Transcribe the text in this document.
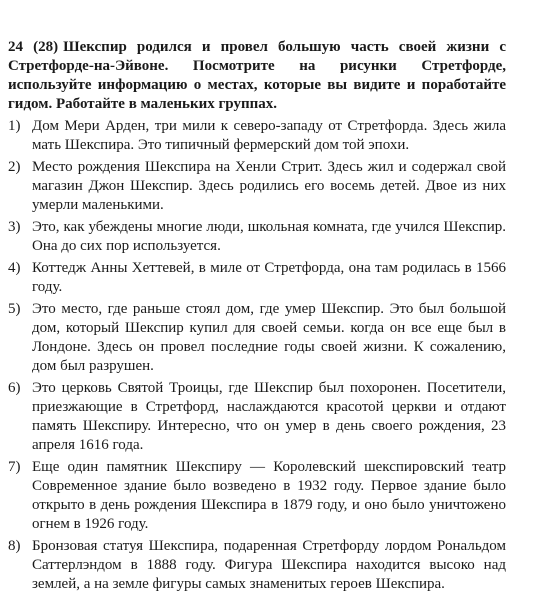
24 (28) Шекспир родился и провел большую часть своей жизни с Стретфорде-на-Эйвоне. Посмотрите на рисунки Стретфорде, используйте информацию о местах, которые вы видите и поработайте гидом. Работайте в маленьких группах.

1) Дом Мери Арден, три мили к северо-западу от Стретфорда. Здесь жила мать Шекспира. Это типичный фермерский дом той эпохи.
2) Место рождения Шекспира на Хенли Стрит. Здесь жил и содержал свой магазин Джон Шекспир. Здесь родились его восемь детей. Двое из них умерли маленькими.
3) Это, как убеждены многие люди, школьная комната, где учился Шекспир. Она до сих пор используется.
4) Коттедж Анны Хеттевей, в миле от Стретфорда, она там родилась в 1566 году.
5) Это место, где раньше стоял дом, где умер Шекспир. Это был большой дом, который Шекспир купил для своей семьи. когда он все еще был в Лондоне. Здесь он провел последние годы своей жизни. К сожалению, дом был разрушен.
6) Это церковь Святой Троицы, где Шекспир был похоронен. Посетители, приезжающие в Стретфорд, наслаждаются красотой церкви и отдают память Шекспиру. Интересно, что он умер в день своего рождения, 23 апреля 1616 года.
7) Еще один памятник Шекспиру — Королевский шекспировский театр Современное здание было возведено в 1932 году. Первое здание было открыто в день рождения Шекспира в 1879 году, и оно было уничтожено огнем в 1926 году.
8) Бронзовая статуя Шекспира, подаренная Стретфорду лордом Рональдом Саттерлэндом в 1888 году. Фигура Шекспира находится высоко над землей, а на земле фигуры самых знаменитых героев Шекспира.
